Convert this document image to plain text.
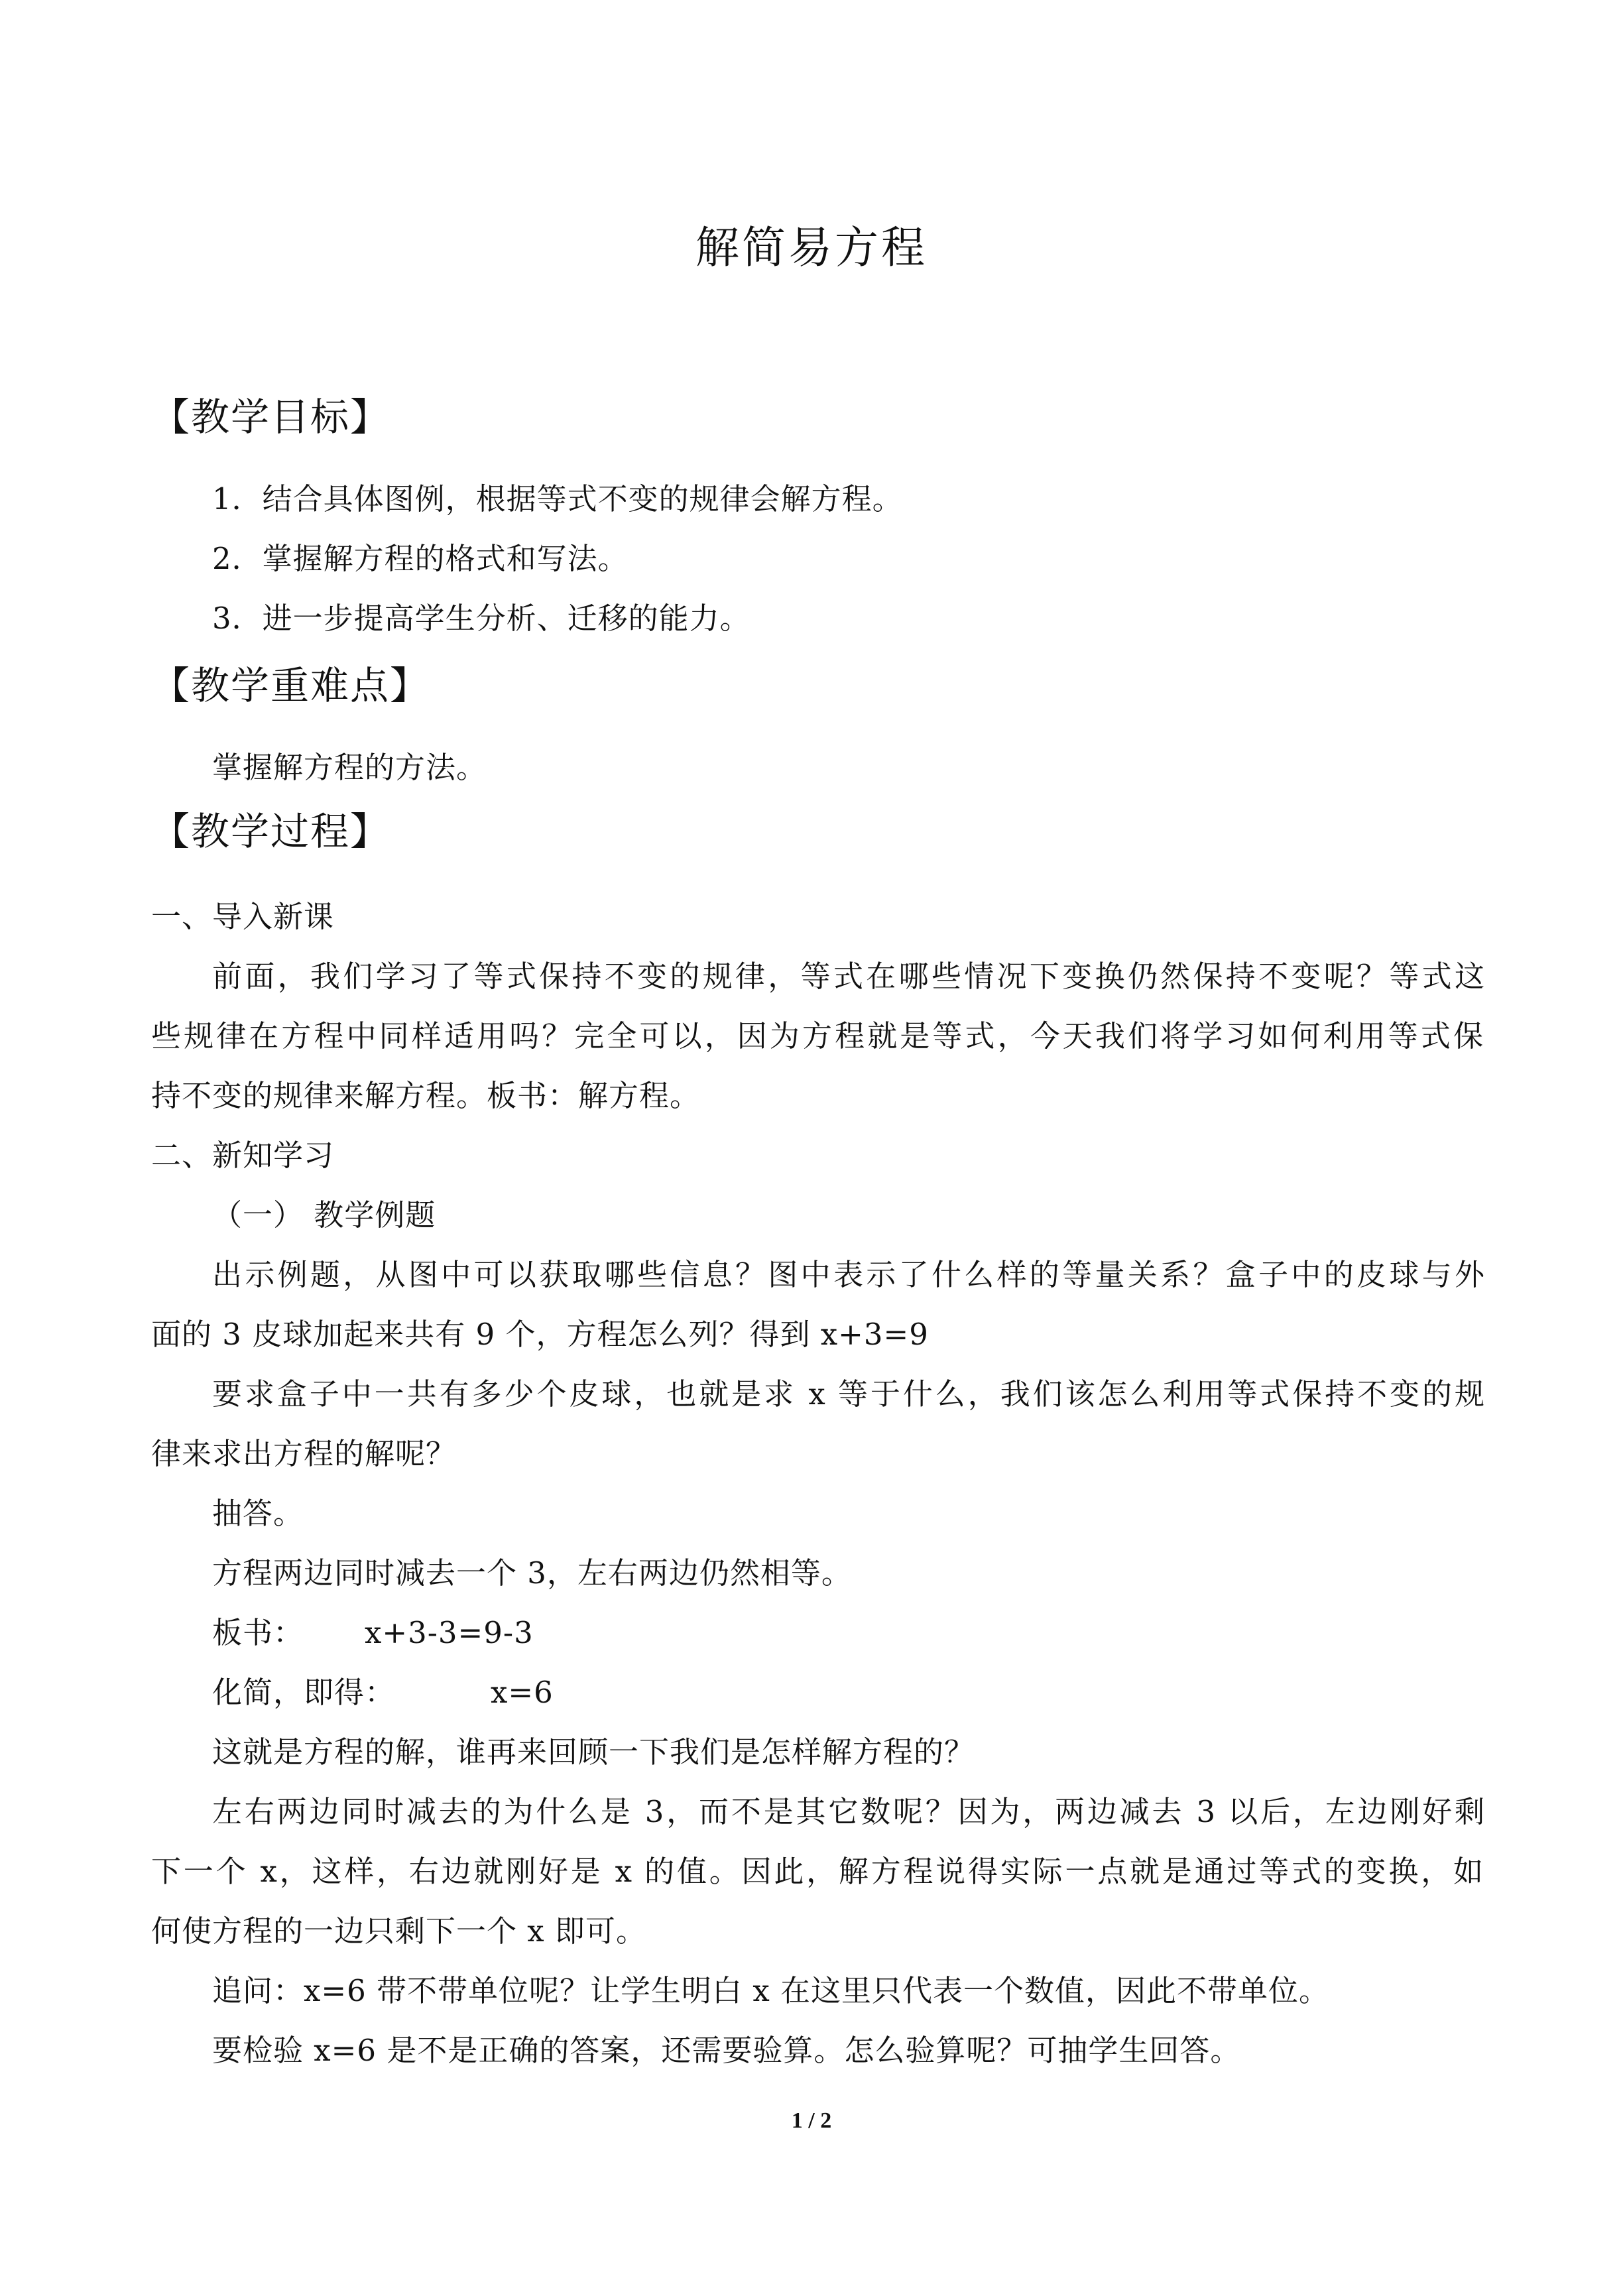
解简易方程
【教学目标】
1．结合具体图例，根据等式不变的规律会解方程。
2．掌握解方程的格式和写法。
3．进一步提高学生分析、迁移的能力。
【教学重难点】
掌握解方程的方法。
【教学过程】
一、导入新课
前面，我们学习了等式保持不变的规律，等式在哪些情况下变换仍然保持不变呢？等式这
些规律在方程中同样适用吗？完全可以，因为方程就是等式，今天我们将学习如何利用等式保
持不变的规律来解方程。板书：解方程。
二、新知学习
（一） 教学例题
出示例题，从图中可以获取哪些信息？图中表示了什么样的等量关系？盒子中的皮球与外
面的 3 皮球加起来共有 9 个，方程怎么列？得到 x+3=9
要求盒子中一共有多少个皮球，也就是求 x 等于什么，我们该怎么利用等式保持不变的规
律来求出方程的解呢？
抽答。
方程两边同时减去一个 3，左右两边仍然相等。
板书： x+3-3=9-3
化简，即得：	x=6
这就是方程的解，谁再来回顾一下我们是怎样解方程的？
左右两边同时减去的为什么是 3，而不是其它数呢？因为，两边减去 3 以后，左边刚好剩
下一个 x，这样，右边就刚好是 x 的值。因此，解方程说得实际一点就是通过等式的变换，如
何使方程的一边只剩下一个 x 即可。
追问：x=6 带不带单位呢？让学生明白 x 在这里只代表一个数值，因此不带单位。
要检验 x=6 是不是正确的答案，还需要验算。怎么验算呢？可抽学生回答。
1 / 2
